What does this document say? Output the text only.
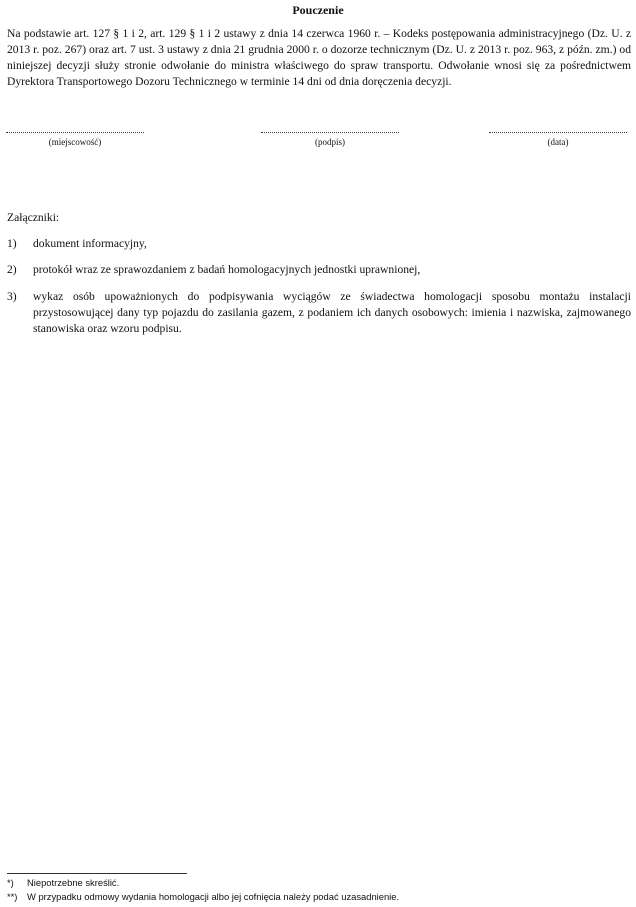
Pouczenie

Na podstawie art. 127 § 1 i 2, art. 129 § 1 i 2 ustawy z dnia 14 czerwca 1960 r. – Kodeks postępowania administracyjnego (Dz. U. z 2013 r. poz. 267) oraz art. 7 ust. 3 ustawy z dnia 21 grudnia 2000 r. o dozorze technicznym (Dz. U. z 2013 r. poz. 963, z późn. zm.) od niniejszej decyzji służy stronie odwołanie do ministra właściwego do spraw transportu. Odwołanie wnosi się za pośrednictwem Dyrektora Transportowego Dozoru Technicznego w terminie 14 dni od dnia doręczenia decyzji.

(miejscowość)	(podpis)	(data)
Załączniki:
1)	dokument informacyjny,
2)	protokół wraz ze sprawozdaniem z badań homologacyjnych jednostki uprawnionej,
3)	wykaz osób upoważnionych do podpisywania wyciągów ze świadectwa homologacji sposobu montażu instalacji przystosowującej dany typ pojazdu do zasilania gazem, z podaniem ich danych osobowych: imienia i nazwiska, zajmowanego stanowiska oraz wzoru podpisu.
*) Niepotrzebne skreślić.
**) W przypadku odmowy wydania homologacji albo jej cofnięcia należy podać uzasadnienie.
